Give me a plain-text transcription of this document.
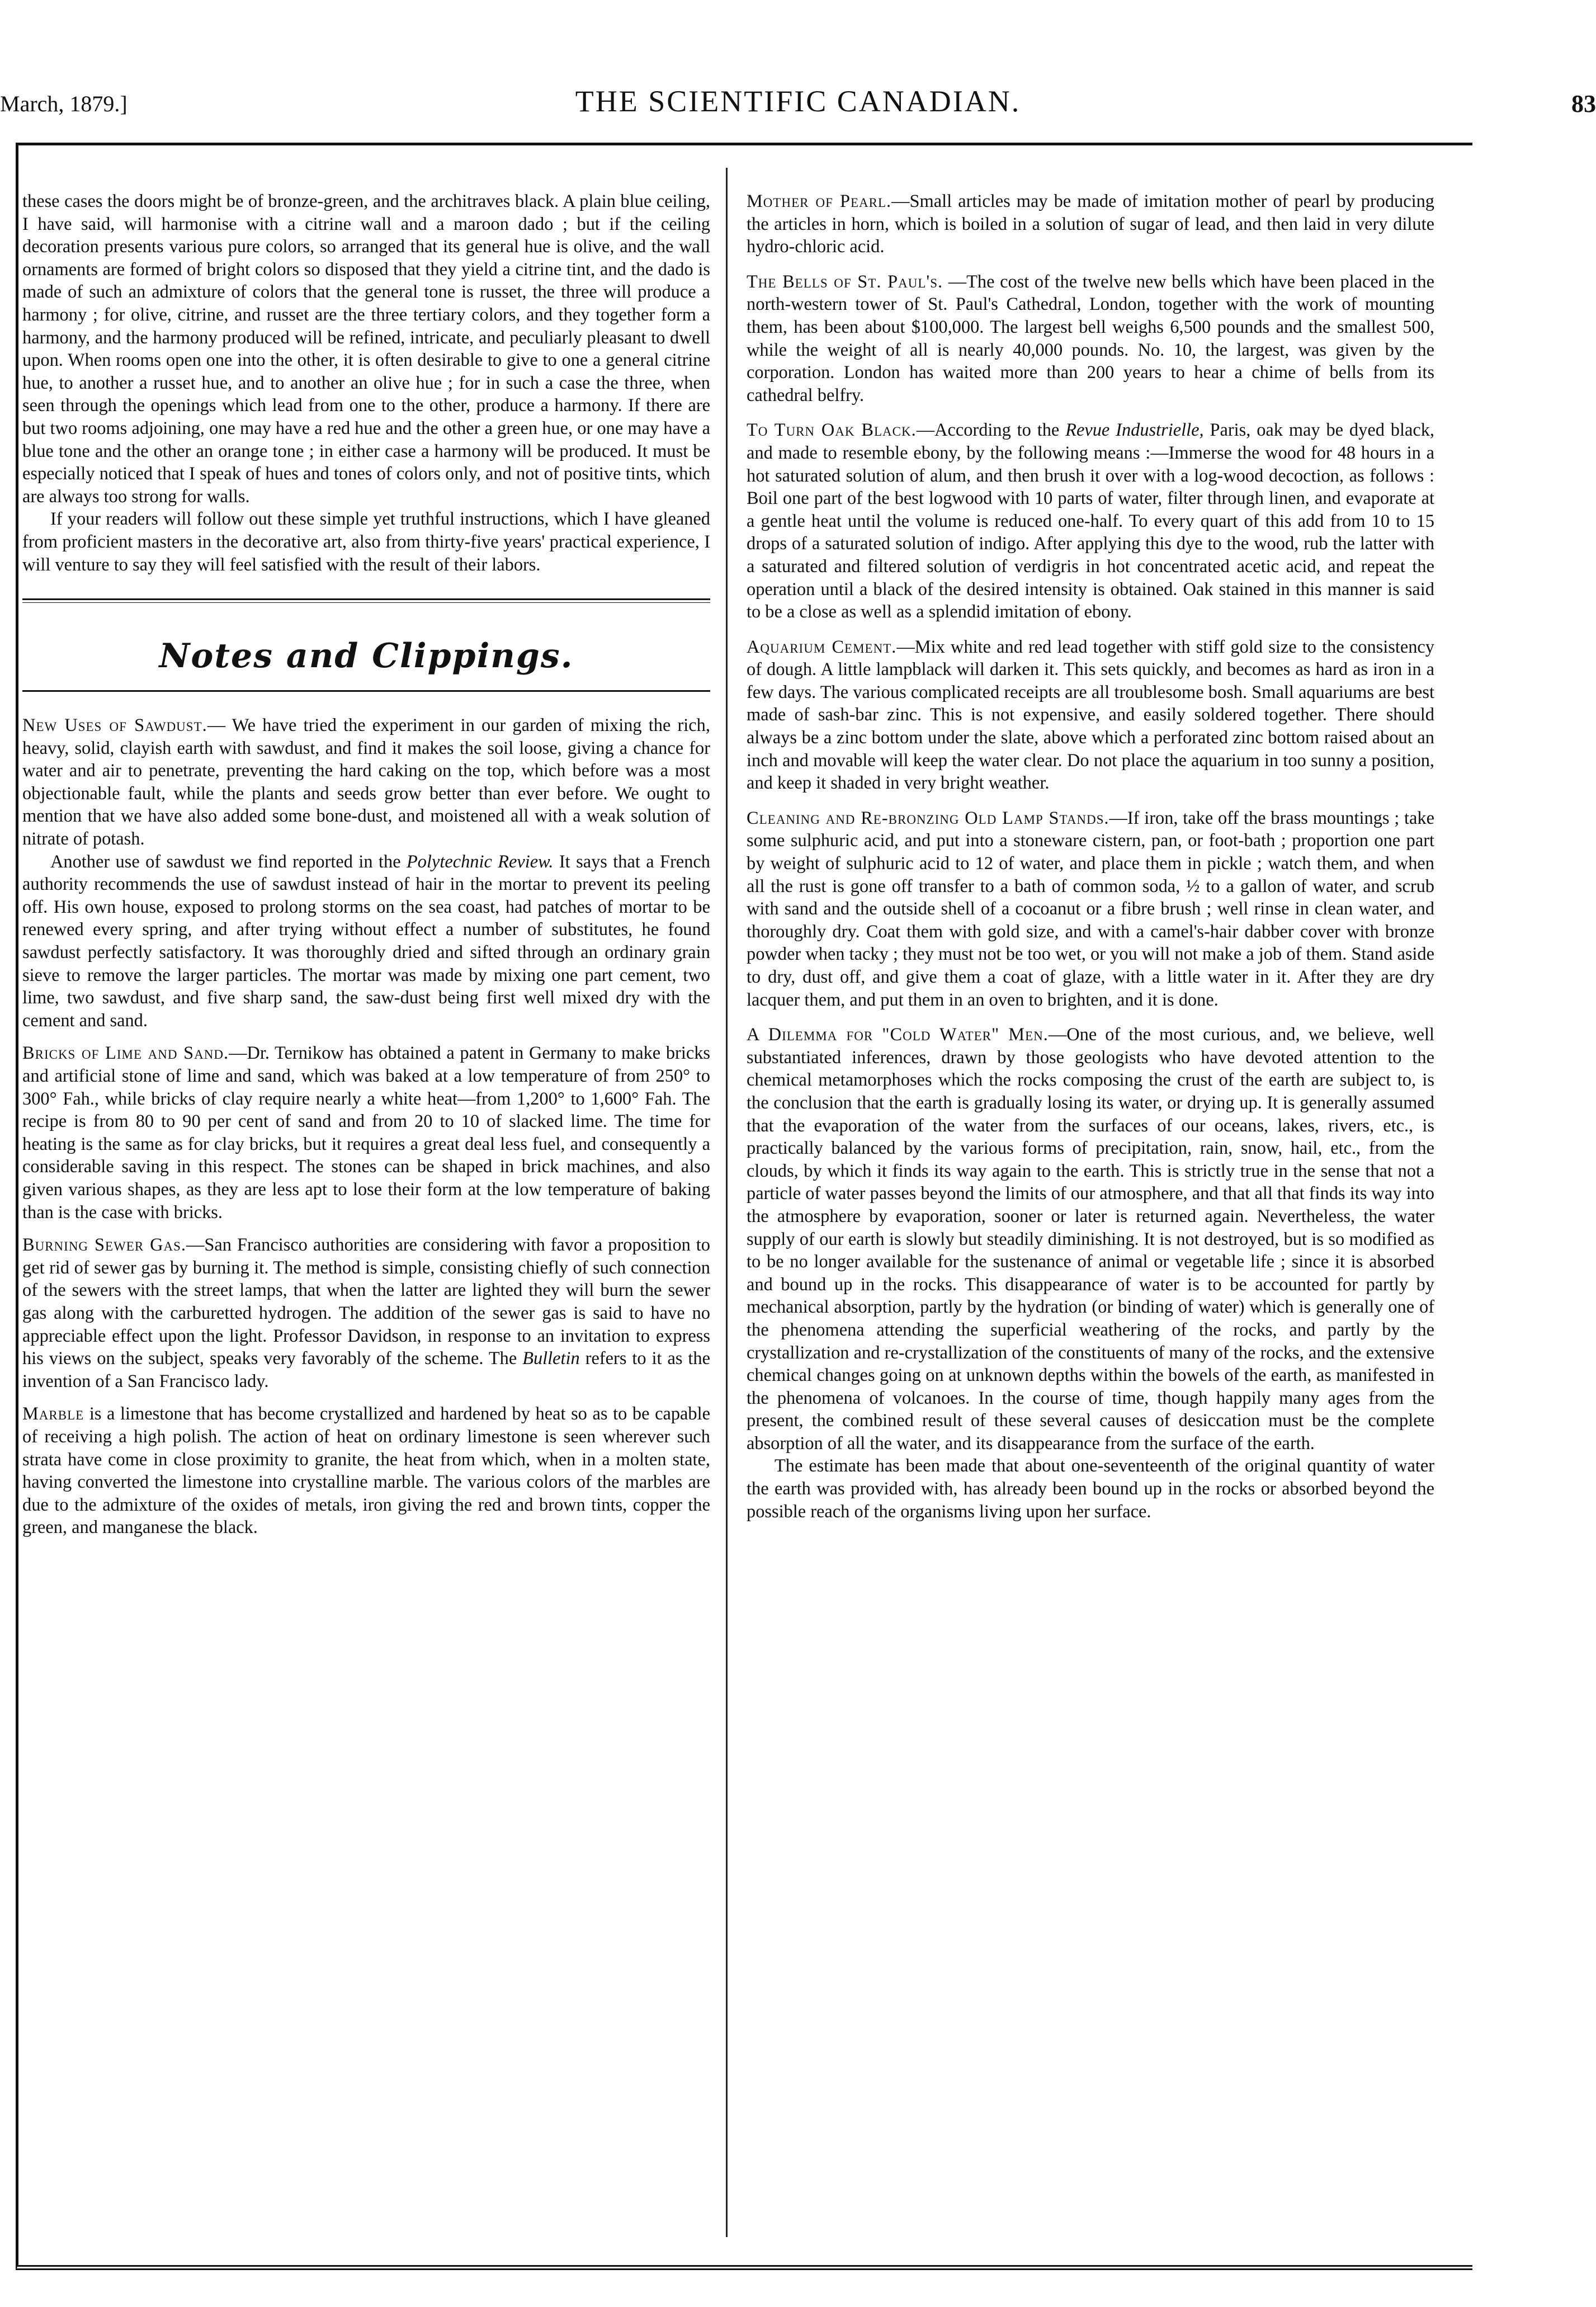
March, 1879.]	THE SCIENTIFIC CANADIAN.	83

these cases the doors might be of bronze-green, and the architraves black. A plain blue ceiling, I have said, will harmonise with a citrine wall and a maroon dado ; but if the ceiling decoration presents various pure colors, so arranged that its general hue is olive, and the wall ornaments are formed of bright colors so disposed that they yield a citrine tint, and the dado is made of such an admixture of colors that the general tone is russet, the three will produce a harmony ; for olive, citrine, and russet are the three tertiary colors, and they together form a harmony, and the harmony produced will be refined, intricate, and peculiarly pleasant to dwell upon. When rooms open one into the other, it is often desirable to give to one a general citrine hue, to another a russet hue, and to another an olive hue ; for in such a case the three, when seen through the openings which lead from one to the other, produce a harmony. If there are but two rooms adjoining, one may have a red hue and the other a green hue, or one may have a blue tone and the other an orange tone ; in either case a harmony will be produced. It must be especially noticed that I speak of hues and tones of colors only, and not of positive tints, which are always too strong for walls.

If your readers will follow out these simple yet truthful instructions, which I have gleaned from proficient masters in the decorative art, also from thirty-five years' practical experience, I will venture to say they will feel satisfied with the result of their labors.

Notes and Clippings.

New Uses of Sawdust.— We have tried the experiment in our garden of mixing the rich, heavy, solid, clayish earth with sawdust, and find it makes the soil loose, giving a chance for water and air to penetrate, preventing the hard caking on the top, which before was a most objectionable fault, while the plants and seeds grow better than ever before. We ought to mention that we have also added some bone-dust, and moistened all with a weak solution of nitrate of potash.

Another use of sawdust we find reported in the Polytechnic Review. It says that a French authority recommends the use of sawdust instead of hair in the mortar to prevent its peeling off. His own house, exposed to prolong storms on the sea coast, had patches of mortar to be renewed every spring, and after trying without effect a number of substitutes, he found sawdust perfectly satisfactory. It was thoroughly dried and sifted through an ordinary grain sieve to remove the larger particles. The mortar was made by mixing one part cement, two lime, two sawdust, and five sharp sand, the saw-dust being first well mixed dry with the cement and sand.

Bricks of Lime and Sand.—Dr. Ternikow has obtained a patent in Germany to make bricks and artificial stone of lime and sand, which was baked at a low temperature of from 250° to 300° Fah., while bricks of clay require nearly a white heat—from 1,200° to 1,600° Fah. The recipe is from 80 to 90 per cent of sand and from 20 to 10 of slacked lime. The time for heating is the same as for clay bricks, but it requires a great deal less fuel, and consequently a considerable saving in this respect. The stones can be shaped in brick machines, and also given various shapes, as they are less apt to lose their form at the low temperature of baking than is the case with bricks.

Burning Sewer Gas.—San Francisco authorities are considering with favor a proposition to get rid of sewer gas by burning it. The method is simple, consisting chiefly of such connection of the sewers with the street lamps, that when the latter are lighted they will burn the sewer gas along with the carburetted hydrogen. The addition of the sewer gas is said to have no appreciable effect upon the light. Professor Davidson, in response to an invitation to express his views on the subject, speaks very favorably of the scheme. The Bulletin refers to it as the invention of a San Francisco lady.

Marble is a limestone that has become crystallized and hardened by heat so as to be capable of receiving a high polish. The action of heat on ordinary limestone is seen wherever such strata have come in close proximity to granite, the heat from which, when in a molten state, having converted the limestone into crystalline marble. The various colors of the marbles are due to the admixture of the oxides of metals, iron giving the red and brown tints, copper the green, and manganese the black.

Mother of Pearl.—Small articles may be made of imitation mother of pearl by producing the articles in horn, which is boiled in a solution of sugar of lead, and then laid in very dilute hydro-chloric acid.

The Bells of St. Paul's. —The cost of the twelve new bells which have been placed in the north-western tower of St. Paul's Cathedral, London, together with the work of mounting them, has been about $100,000. The largest bell weighs 6,500 pounds and the smallest 500, while the weight of all is nearly 40,000 pounds. No. 10, the largest, was given by the corporation. London has waited more than 200 years to hear a chime of bells from its cathedral belfry.

To Turn Oak Black.—According to the Revue Industrielle, Paris, oak may be dyed black, and made to resemble ebony, by the following means :—Immerse the wood for 48 hours in a hot saturated solution of alum, and then brush it over with a log-wood decoction, as follows : Boil one part of the best logwood with 10 parts of water, filter through linen, and evaporate at a gentle heat until the volume is reduced one-half. To every quart of this add from 10 to 15 drops of a saturated solution of indigo. After applying this dye to the wood, rub the latter with a saturated and filtered solution of verdigris in hot concentrated acetic acid, and repeat the operation until a black of the desired intensity is obtained. Oak stained in this manner is said to be a close as well as a splendid imitation of ebony.

Aquarium Cement.—Mix white and red lead together with stiff gold size to the consistency of dough. A little lampblack will darken it. This sets quickly, and becomes as hard as iron in a few days. The various complicated receipts are all troublesome bosh. Small aquariums are best made of sash-bar zinc. This is not expensive, and easily soldered together. There should always be a zinc bottom under the slate, above which a perforated zinc bottom raised about an inch and movable will keep the water clear. Do not place the aquarium in too sunny a position, and keep it shaded in very bright weather.

Cleaning and Re-bronzing Old Lamp Stands.—If iron, take off the brass mountings ; take some sulphuric acid, and put into a stoneware cistern, pan, or foot-bath ; proportion one part by weight of sulphuric acid to 12 of water, and place them in pickle ; watch them, and when all the rust is gone off transfer to a bath of common soda, ½ to a gallon of water, and scrub with sand and the outside shell of a cocoanut or a fibre brush ; well rinse in clean water, and thoroughly dry. Coat them with gold size, and with a camel's-hair dabber cover with bronze powder when tacky ; they must not be too wet, or you will not make a job of them. Stand aside to dry, dust off, and give them a coat of glaze, with a little water in it. After they are dry lacquer them, and put them in an oven to brighten, and it is done.

A Dilemma for "Cold Water" Men.—One of the most curious, and, we believe, well substantiated inferences, drawn by those geologists who have devoted attention to the chemical metamorphoses which the rocks composing the crust of the earth are subject to, is the conclusion that the earth is gradually losing its water, or drying up. It is generally assumed that the evaporation of the water from the surfaces of our oceans, lakes, rivers, etc., is practically balanced by the various forms of precipitation, rain, snow, hail, etc., from the clouds, by which it finds its way again to the earth. This is strictly true in the sense that not a particle of water passes beyond the limits of our atmosphere, and that all that finds its way into the atmosphere by evaporation, sooner or later is returned again. Nevertheless, the water supply of our earth is slowly but steadily diminishing. It is not destroyed, but is so modified as to be no longer available for the sustenance of animal or vegetable life ; since it is absorbed and bound up in the rocks. This disappearance of water is to be accounted for partly by mechanical absorption, partly by the hydration (or binding of water) which is generally one of the phenomena attending the superficial weathering of the rocks, and partly by the crystallization and re-crystallization of the constituents of many of the rocks, and the extensive chemical changes going on at unknown depths within the bowels of the earth, as manifested in the phenomena of volcanoes. In the course of time, though happily many ages from the present, the combined result of these several causes of desiccation must be the complete absorption of all the water, and its disappearance from the surface of the earth.

The estimate has been made that about one-seventeenth of the original quantity of water the earth was provided with, has already been bound up in the rocks or absorbed beyond the possible reach of the organisms living upon her surface.
